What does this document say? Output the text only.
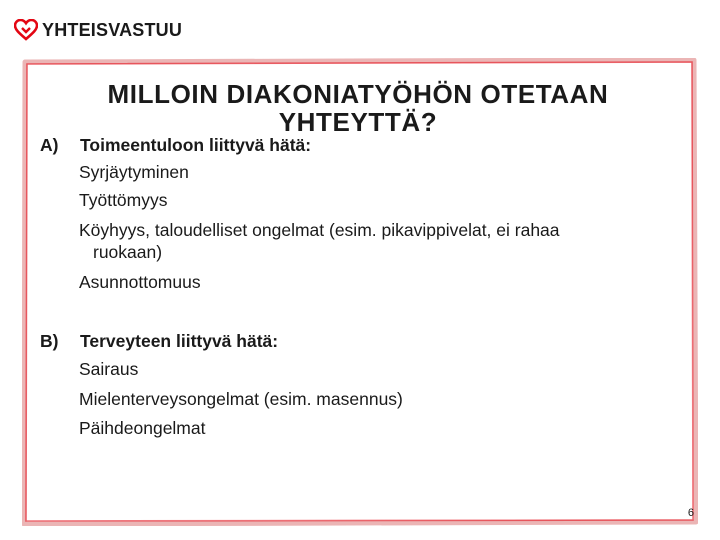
YHTEISVASTUU
MILLOIN DIAKONIATYÖHÖN OTETAAN YHTEYTTÄ?

A) Toimeentuloon liittyvä hätä:

Syrjäytyminen

Työttömyys

Köyhyys, taloudelliset ongelmat (esim. pikavippivelat, ei rahaa

ruokaan)

Asunnottomuus

B) Terveyteen liittyvä hätä:

Sairaus

Mielenterveysongelmat (esim. masennus)

Päihdeongelmat

6
